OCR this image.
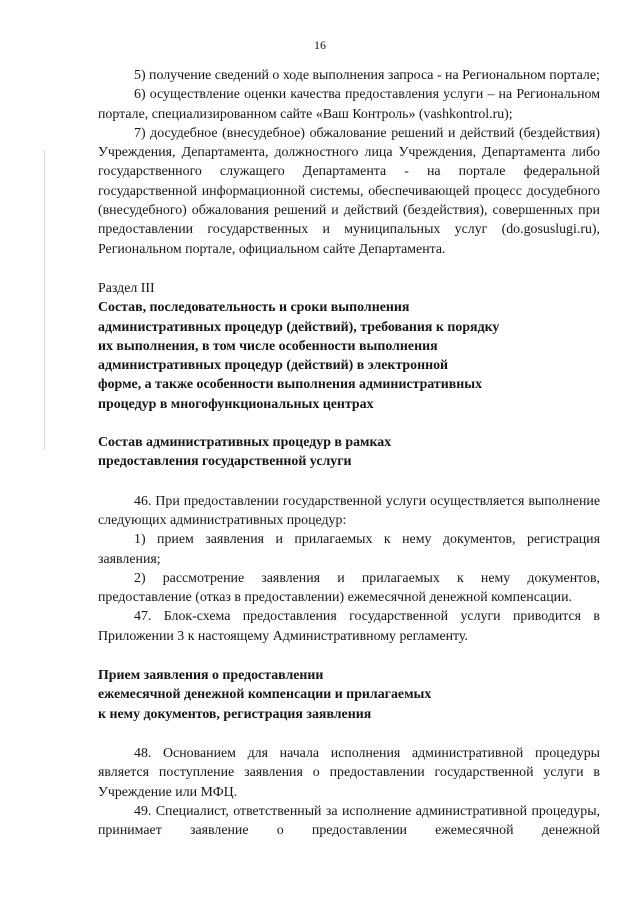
16

5) получение сведений о ходе выполнения запроса - на Региональном портале;

6) осуществление оценки качества предоставления услуги – на Региональном портале, специализированном сайте «Ваш Контроль» (vashkontrol.ru);

7) досудебное (внесудебное) обжалование решений и действий (бездействия) Учреждения, Департамента, должностного лица Учреждения, Департамента либо государственного служащего Департамента - на портале федеральной государственной информационной системы, обеспечивающей процесс досудебного (внесудебного) обжалования решений и действий (бездействия), совершенных при предоставлении государственных и муниципальных услуг (do.gosuslugi.ru), Региональном портале, официальном сайте Департамента.

Раздел III

Состав, последовательность и сроки выполнения

административных процедур (действий), требования к порядку

их выполнения, в том числе особенности выполнения

административных процедур (действий) в электронной

форме, а также особенности выполнения административных

процедур в многофункциональных центрах

Состав административных процедур в рамках

предоставления государственной услуги

46. При предоставлении государственной услуги осуществляется выполнение следующих административных процедур:

1) прием заявления и прилагаемых к нему документов, регистрация заявления;

2) рассмотрение заявления и прилагаемых к нему документов, предоставление (отказ в предоставлении) ежемесячной денежной компенсации.

47. Блок-схема предоставления государственной услуги приводится в Приложении 3 к настоящему Административному регламенту.

Прием заявления о предоставлении

ежемесячной денежной компенсации и прилагаемых

к нему документов, регистрация заявления

48. Основанием для начала исполнения административной процедуры является поступление заявления о предоставлении государственной услуги в Учреждение или МФЦ.

49. Специалист, ответственный за исполнение административной процедуры, принимает заявление о предоставлении ежемесячной денежной
